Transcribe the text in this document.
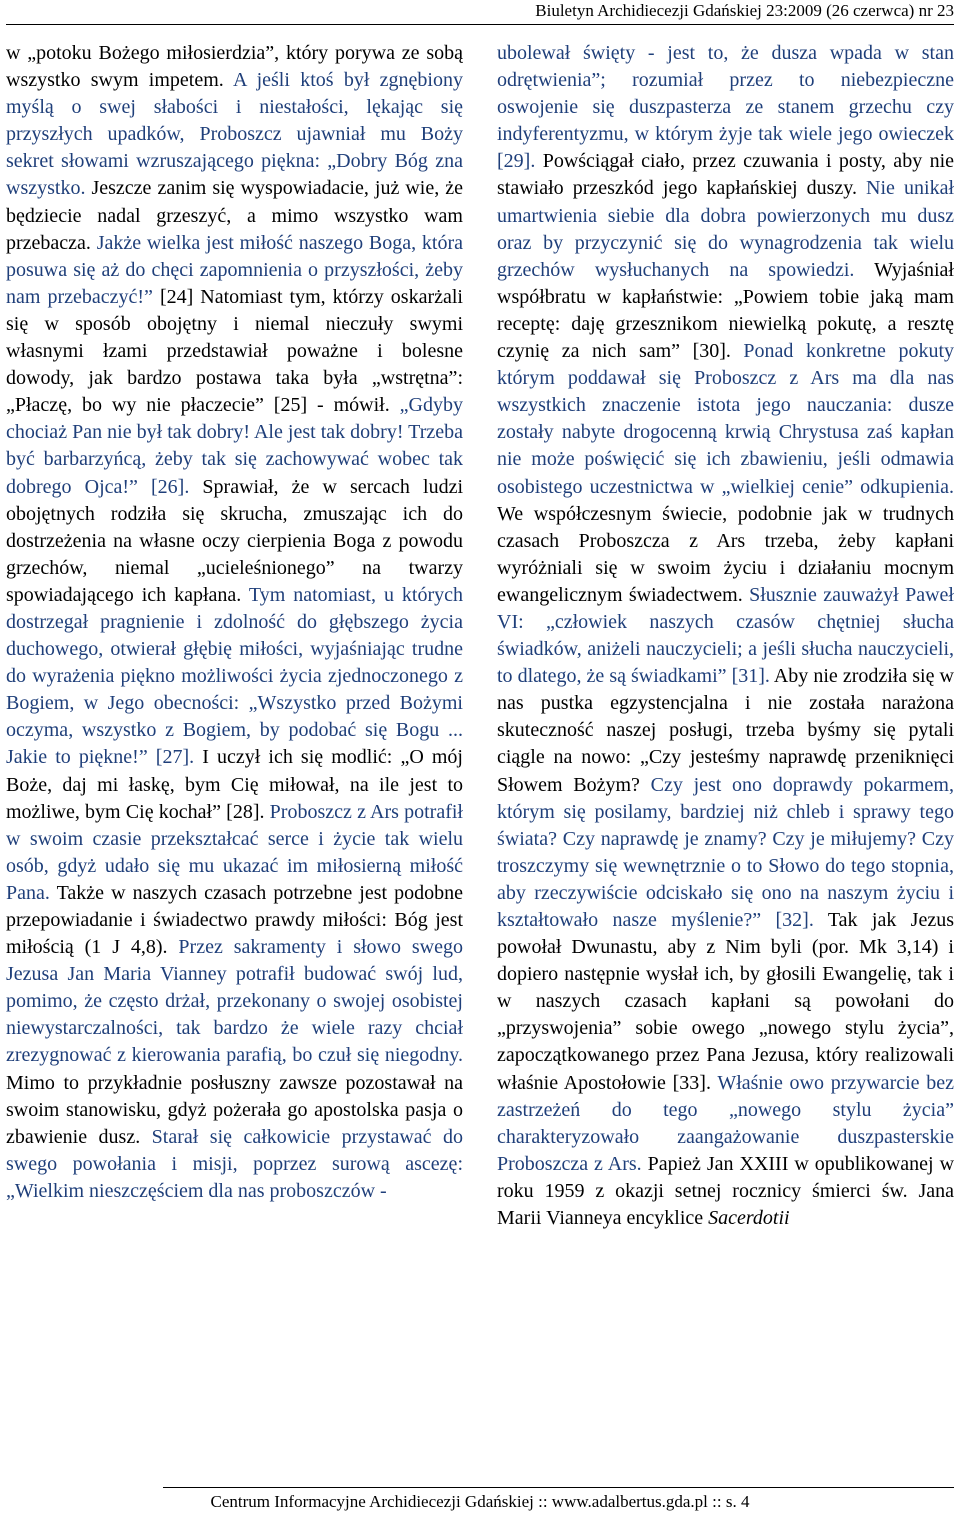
Biuletyn Archidiecezji Gdańskiej 23:2009 (26 czerwca) nr 23

w „potoku Bożego miłosierdzia”, który porywa ze sobą wszystko swym impetem. A jeśli ktoś był zgnębiony myślą o swej słabości i niestałości, lękając się przyszłych upadków, Proboszcz ujawniał mu Boży sekret słowami wzruszającego piękna: „Dobry Bóg zna wszystko. Jeszcze zanim się wyspowiadacie, już wie, że będziecie nadal grzeszyć, a mimo wszystko wam przebacza. Jakże wielka jest miłość naszego Boga, która posuwa się aż do chęci zapomnienia o przyszłości, żeby nam przebaczyć!” [24] Natomiast tym, którzy oskarżali się w sposób obojętny i niemal nieczuły swymi własnymi łzami przedstawiał poważne i bolesne dowody, jak bardzo postawa taka była „wstrętna”: „Płaczę, bo wy nie płaczecie” [25] - mówił. „Gdyby chociaż Pan nie był tak dobry! Ale jest tak dobry! Trzeba być barbarzyńcą, żeby tak się zachowywać wobec tak dobrego Ojca!” [26]. Sprawiał, że w sercach ludzi obojętnych rodziła się skrucha, zmuszając ich do dostrzeżenia na własne oczy cierpienia Boga z powodu grzechów, niemal „ucieleśnionego” na twarzy spowiadającego ich kapłana. Tym natomiast, u których dostrzegał pragnienie i zdolność do głębszego życia duchowego, otwierał głębię miłości, wyjaśniając trudne do wyrażenia piękno możliwości życia zjednoczonego z Bogiem, w Jego obecności: „Wszystko przed Bożymi oczyma, wszystko z Bogiem, by podobać się Bogu ... Jakie to piękne!” [27]. I uczył ich się modlić: „O mój Boże, daj mi łaskę, bym Cię miłował, na ile jest to możliwe, bym Cię kochał” [28]. Proboszcz z Ars potrafił w swoim czasie przekształcać serce i życie tak wielu osób, gdyż udało się mu ukazać im miłosierną miłość Pana. Także w naszych czasach potrzebne jest podobne przepowiadanie i świadectwo prawdy miłości: Bóg jest miłością (1 J 4,8). Przez sakramenty i słowo swego Jezusa Jan Maria Vianney potrafił budować swój lud, pomimo, że często drżał, przekonany o swojej osobistej niewystarczalności, tak bardzo że wiele razy chciał zrezygnować z kierowania parafią, bo czuł się niegodny. Mimo to przykładnie posłuszny zawsze pozostawał na swoim stanowisku, gdyż pożerała go apostolska pasja o zbawienie dusz. Starał się całkowicie przystawać do swego powołania i misji, poprzez surową ascezę: „Wielkim nieszczęściem dla nas proboszczów -

ubolewał święty - jest to, że dusza wpada w stan odrętwienia”; rozumiał przez to niebezpieczne oswojenie się duszpasterza ze stanem grzechu czy indyferentyzmu, w którym żyje tak wiele jego owieczek [29]. Powściągał ciało, przez czuwania i posty, aby nie stawiało przeszkód jego kapłańskiej duszy. Nie unikał umartwienia siebie dla dobra powierzonych mu dusz oraz by przyczynić się do wynagrodzenia tak wielu grzechów wysłuchanych na spowiedzi. Wyjaśniał współbratu w kapłaństwie: „Powiem tobie jaką mam receptę: daję grzesznikom niewielką pokutę, a resztę czynię za nich sam” [30]. Ponad konkretne pokuty którym poddawał się Proboszcz z Ars ma dla nas wszystkich znaczenie istota jego nauczania: dusze zostały nabyte drogocenną krwią Chrystusa zaś kapłan nie może poświęcić się ich zbawieniu, jeśli odmawia osobistego uczestnictwa w „wielkiej cenie” odkupienia. We współczesnym świecie, podobnie jak w trudnych czasach Proboszcza z Ars trzeba, żeby kapłani wyróżniali się w swoim życiu i działaniu mocnym ewangelicznym świadectwem. Słusznie zauważył Paweł VI: „człowiek naszych czasów chętniej słucha świadków, aniżeli nauczycieli; a jeśli słucha nauczycieli, to dlatego, że są świadkami” [31]. Aby nie zrodziła się w nas pustka egzystencjalna i nie została narażona skuteczność naszej posługi, trzeba byśmy się pytali ciągle na nowo: „Czy jesteśmy naprawdę przeniknięci Słowem Bożym? Czy jest ono doprawdy pokarmem, którym się posilamy, bardziej niż chleb i sprawy tego świata? Czy naprawdę je znamy? Czy je miłujemy? Czy troszczymy się wewnętrznie o to Słowo do tego stopnia, aby rzeczywiście odciskało się ono na naszym życiu i kształtowało nasze myślenie?” [32]. Tak jak Jezus powołał Dwunastu, aby z Nim byli (por. Mk 3,14) i dopiero następnie wysłał ich, by głosili Ewangelię, tak i w naszych czasach kapłani są powołani do „przyswojenia” sobie owego „nowego stylu życia”, zapoczątkowanego przez Pana Jezusa, który realizowali właśnie Apostołowie [33]. Właśnie owo przywarcie bez zastrzeżeń do tego „nowego stylu życia” charakteryzowało zaangażowanie duszpasterskie Proboszcza z Ars. Papież Jan XXIII w opublikowanej w roku 1959 z okazji setnej rocznicy śmierci św. Jana Marii Vianneya encyklice Sacerdotii

Centrum Informacyjne Archidiecezji Gdańskiej :: www.adalbertus.gda.pl :: s. 4
